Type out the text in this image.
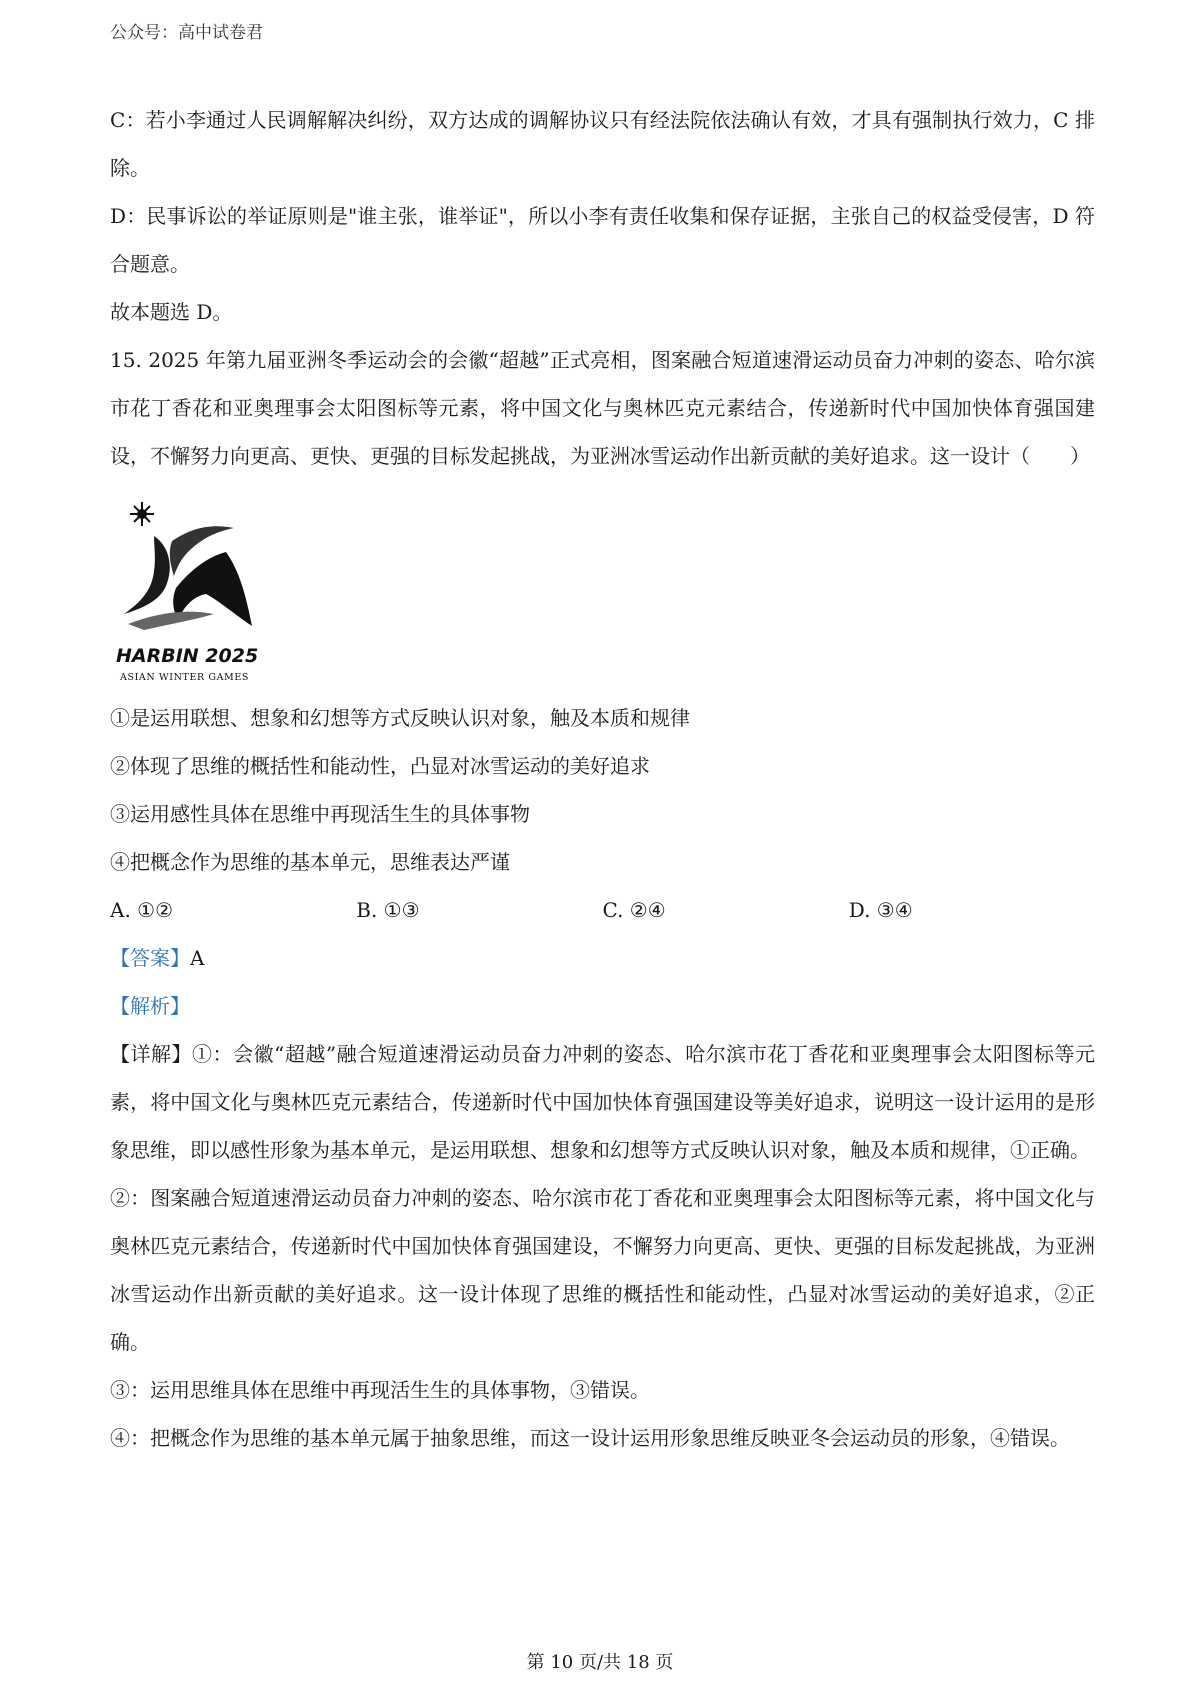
公众号：高中试卷君

C：若小李通过人民调解解决纠纷，双方达成的调解协议只有经法院依法确认有效，才具有强制执行效力，C 排除。

D：民事诉讼的举证原则是"谁主张，谁举证"，所以小李有责任收集和保存证据，主张自己的权益受侵害，D 符合题意。

故本题选 D。

15. 2025 年第九届亚洲冬季运动会的会徽“超越”正式亮相，图案融合短道速滑运动员奋力冲刺的姿态、哈尔滨市花丁香花和亚奥理事会太阳图标等元素，将中国文化与奥林匹克元素结合，传递新时代中国加快体育强国建设，不懈努力向更高、更快、更强的目标发起挑战，为亚洲冰雪运动作出新贡献的美好追求。这一设计（　　）

HARBIN 2025
ASIAN WINTER GAMES

①是运用联想、想象和幻想等方式反映认识对象，触及本质和规律

②体现了思维的概括性和能动性，凸显对冰雪运动的美好追求

③运用感性具体在思维中再现活生生的具体事物

④把概念作为思维的基本单元，思维表达严谨

A. ①②	B. ①③	C. ②④	D. ③④

【答案】A

【解析】

【详解】①：会徽“超越”融合短道速滑运动员奋力冲刺的姿态、哈尔滨市花丁香花和亚奥理事会太阳图标等元素，将中国文化与奥林匹克元素结合，传递新时代中国加快体育强国建设等美好追求，说明这一设计运用的是形象思维，即以感性形象为基本单元，是运用联想、想象和幻想等方式反映认识对象，触及本质和规律，①正确。

②：图案融合短道速滑运动员奋力冲刺的姿态、哈尔滨市花丁香花和亚奥理事会太阳图标等元素，将中国文化与奥林匹克元素结合，传递新时代中国加快体育强国建设，不懈努力向更高、更快、更强的目标发起挑战，为亚洲冰雪运动作出新贡献的美好追求。这一设计体现了思维的概括性和能动性，凸显对冰雪运动的美好追求，②正确。

③：运用思维具体在思维中再现活生生的具体事物，③错误。

④：把概念作为思维的基本单元属于抽象思维，而这一设计运用形象思维反映亚冬会运动员的形象，④错误。

第 10 页/共 18 页
